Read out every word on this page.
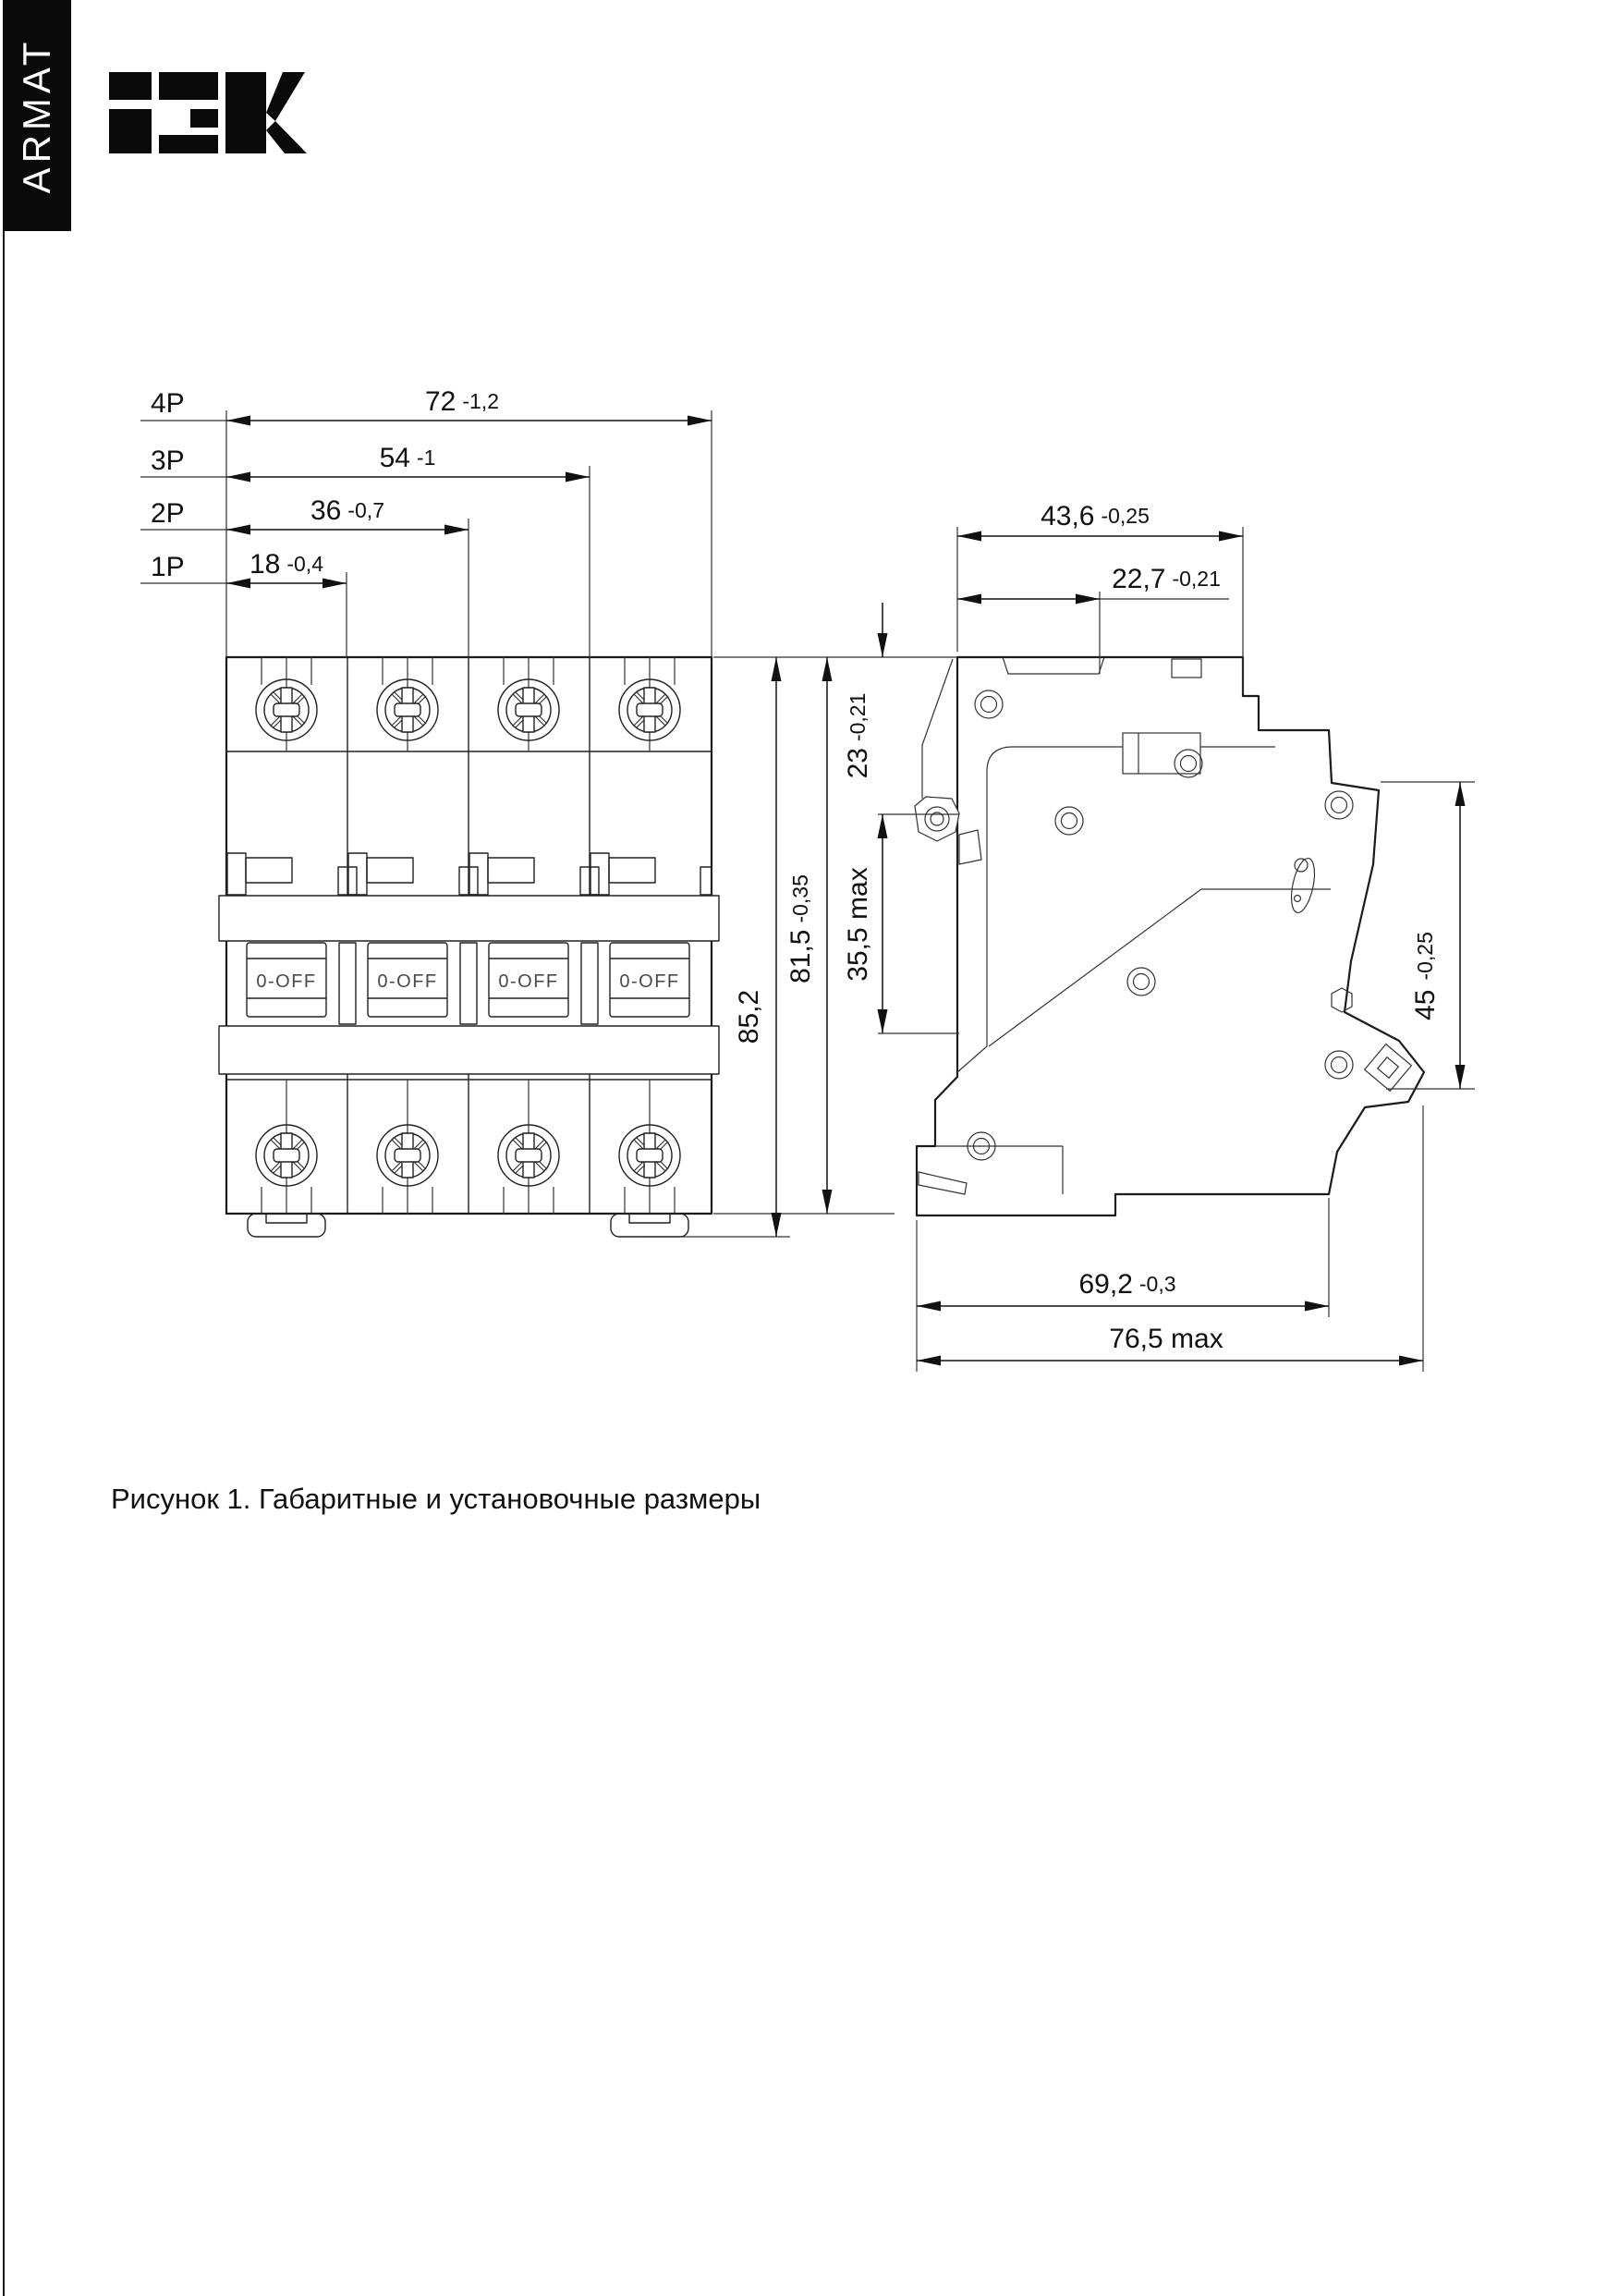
ARMAT
0-OFF	0-OFF	0-OFF	0-OFF
4P
3P
2P
1P
72 -1,2
54 -1
36 -0,7
18 -0,4
43,6 -0,25
22,7 -0,21
23-0,21
35,5 max
81,5-0,35
85,2	45-0,25
69,2 -0,3
76,5 max
Рисунок 1. Габаритные и установочные размеры
